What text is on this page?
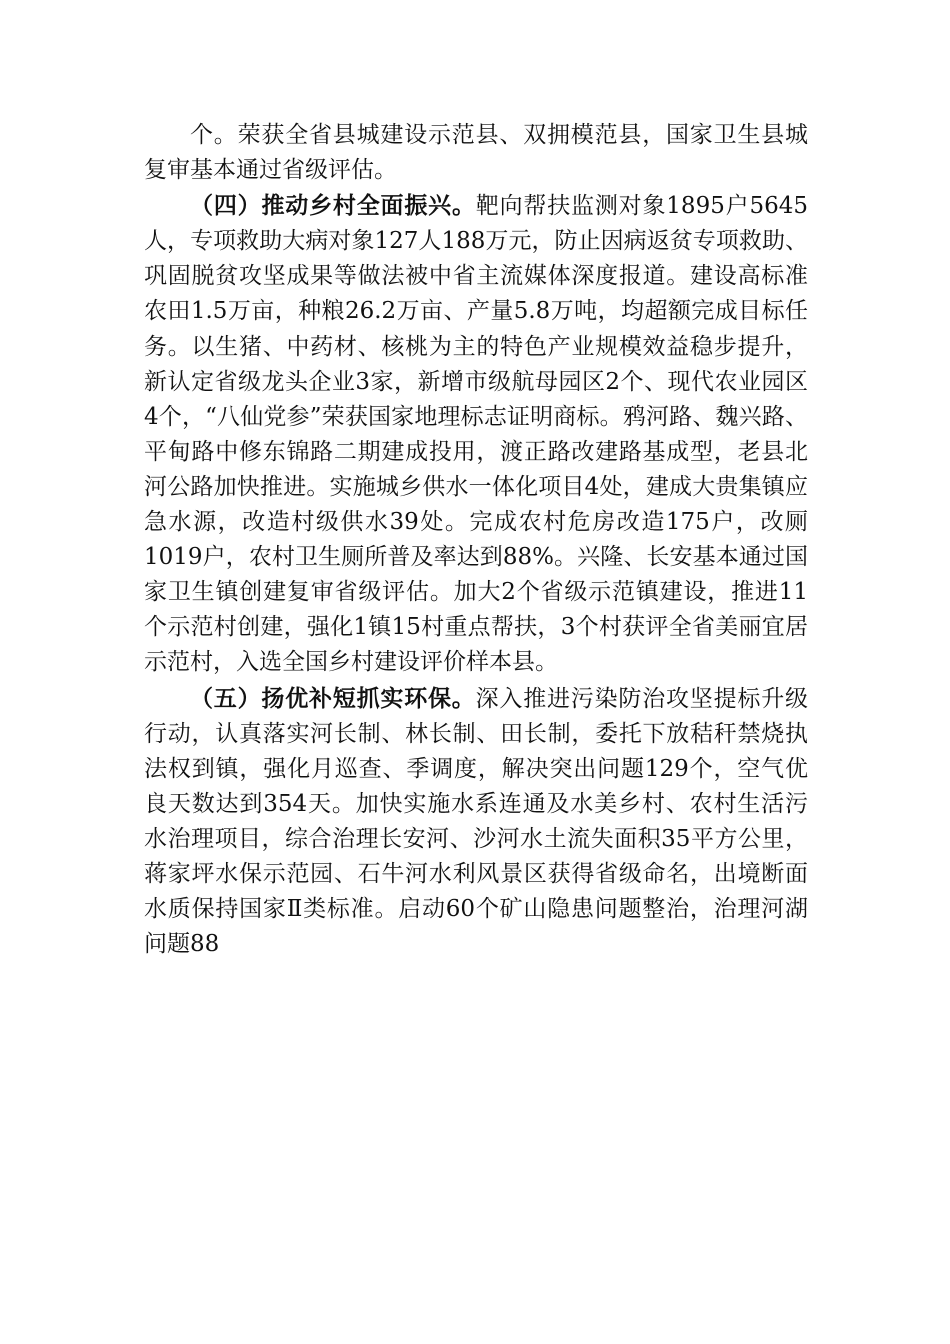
个。荣获全省县城建设示范县、双拥模范县，国家卫生县城复审基本通过省级评估。

（四）推动乡村全面振兴。靶向帮扶监测对象1895户5645人，专项救助大病对象127人188万元，防止因病返贫专项救助、巩固脱贫攻坚成果等做法被中省主流媒体深度报道。建设高标准农田1.5万亩，种粮26.2万亩、产量5.8万吨，均超额完成目标任务。以生猪、中药材、核桃为主的特色产业规模效益稳步提升，新认定省级龙头企业3家，新增市级航母园区2个、现代农业园区4个，“八仙党参”荣获国家地理标志证明商标。鸦河路、魏兴路、平甸路中修东锦路二期建成投用，渡正路改建路基成型，老县北河公路加快推进。实施城乡供水一体化项目4处，建成大贵集镇应急水源，改造村级供水39处。完成农村危房改造175户，改厕1019户，农村卫生厕所普及率达到88%。兴隆、长安基本通过国家卫生镇创建复审省级评估。加大2个省级示范镇建设，推进11个示范村创建，强化1镇15村重点帮扶，3个村获评全省美丽宜居示范村，入选全国乡村建设评价样本县。

（五）扬优补短抓实环保。深入推进污染防治攻坚提标升级行动，认真落实河长制、林长制、田长制，委托下放秸秆禁烧执法权到镇，强化月巡查、季调度，解决突出问题129个，空气优良天数达到354天。加快实施水系连通及水美乡村、农村生活污水治理项目，综合治理长安河、沙河水土流失面积35平方公里，蒋家坪水保示范园、石牛河水利风景区获得省级命名，出境断面水质保持国家Ⅱ类标准。启动60个矿山隐患问题整治，治理河湖问题88
